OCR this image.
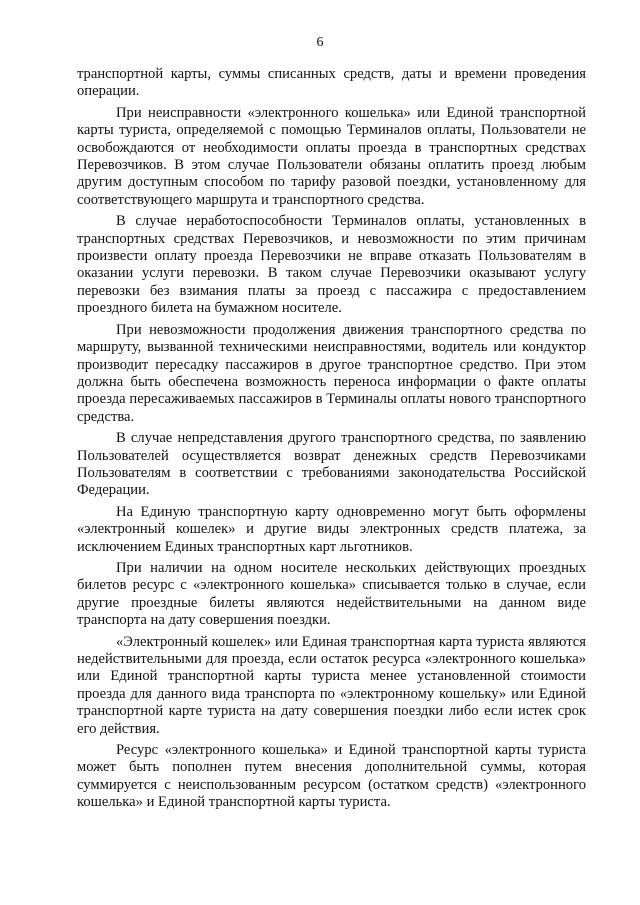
6

транспортной карты, суммы списанных средств, даты и времени проведения операции.

При неисправности «электронного кошелька» или Единой транспортной карты туриста, определяемой с помощью Терминалов оплаты, Пользователи не освобождаются от необходимости оплаты проезда в транспортных средствах Перевозчиков. В этом случае Пользователи обязаны оплатить проезд любым другим доступным способом по тарифу разовой поездки, установленному для соответствующего маршрута и транспортного средства.

В случае неработоспособности Терминалов оплаты, установленных в транспортных средствах Перевозчиков, и невозможности по этим причинам произвести оплату проезда Перевозчики не вправе отказать Пользователям в оказании услуги перевозки. В таком случае Перевозчики оказывают услугу перевозки без взимания платы за проезд с пассажира с предоставлением проездного билета на бумажном носителе.

При невозможности продолжения движения транспортного средства по маршруту, вызванной техническими неисправностями, водитель или кондуктор производит пересадку пассажиров в другое транспортное средство. При этом должна быть обеспечена возможность переноса информации о факте оплаты проезда пересаживаемых пассажиров в Терминалы оплаты нового транспортного средства.

В случае непредставления другого транспортного средства, по заявлению Пользователей осуществляется возврат денежных средств Перевозчиками Пользователям в соответствии с требованиями законодательства Российской Федерации.

На Единую транспортную карту одновременно могут быть оформлены «электронный кошелек» и другие виды электронных средств платежа, за исключением Единых транспортных карт льготников.

При наличии на одном носителе нескольких действующих проездных билетов ресурс с «электронного кошелька» списывается только в случае, если другие проездные билеты являются недействительными на данном виде транспорта на дату совершения поездки.

«Электронный кошелек» или Единая транспортная карта туриста являются недействительными для проезда, если остаток ресурса «электронного кошелька» или Единой транспортной карты туриста менее установленной стоимости проезда для данного вида транспорта по «электронному кошельку» или Единой транспортной карте туриста на дату совершения поездки либо если истек срок его действия.

Ресурс «электронного кошелька» и Единой транспортной карты туриста может быть пополнен путем внесения дополнительной суммы, которая суммируется с неиспользованным ресурсом (остатком средств) «электронного кошелька» и Единой транспортной карты туриста.
